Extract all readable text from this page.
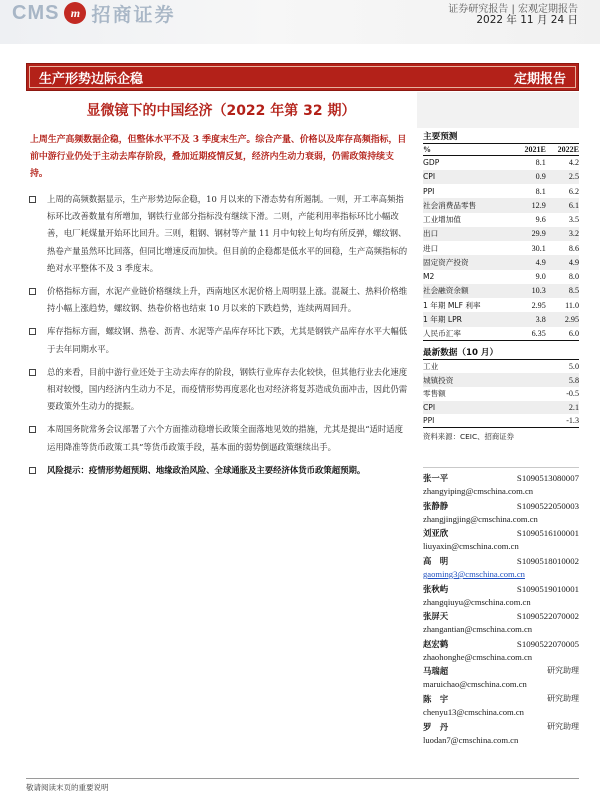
CMS m 招商证券	证券研究报告 | 宏观定期报告
2022 年 11 月 24 日
生产形势边际企稳	定期报告
显微镜下的中国经济（2022 年第 32 期）

上周生产高频数据企稳，但整体水平不及 3 季度末生产。综合产量、价格以及库存高频指标，目前中游行业仍处于主动去库存阶段，叠加近期疫情反复，经济内生动力衰弱，仍需政策持续支持。

上周的高频数据显示，生产形势边际企稳，10 月以来的下滑态势有所遏制。一则，开工率高频指标环比改善数量有所增加，钢铁行业部分指标没有继续下滑。二则，产能利用率指标环比小幅改善，电厂耗煤量开始环比回升。三则，粗钢、钢材等产量 11 月中旬较上旬均有所反弹，螺纹钢、热卷产量虽然环比回落，但同比增速反而加快。但目前的企稳都是低水平的回稳，生产高频指标的绝对水平整体不及 3 季度末。
价格指标方面，水泥产业链价格继续上升，西南地区水泥价格上周明显上涨。混凝土、热料价格维持小幅上涨趋势，螺纹钢、热卷价格也结束 10 月以来的下跌趋势，连续两周回升。
库存指标方面，螺纹钢、热卷、沥青、水泥等产品库存环比下跌，尤其是钢铁产品库存水平大幅低于去年同期水平。
总的来看，目前中游行业还处于主动去库存的阶段，钢铁行业库存去化较快，但其他行业去化速度相对较慢，国内经济内生动力不足，而疫情形势再度恶化也对经济将复苏造成负面冲击，因此仍需要政策外生动力的提振。
本周国务院常务会议部署了六个方面推动稳增长政策全面落地见效的措施，尤其是提出“适时适度运用降准等货币政策工具”等货币政策手段，基本面的弱势倒逼政策继续出手。
风险提示：疫情形势超预期、地缘政治风险、全球通胀及主要经济体货币政策超预期。
主要预测
%	2021E	2022E
GDP	8.1	4.2
CPI	0.9	2.5
PPI	8.1	6.2
社会消费品零售	12.9	6.1
工业增加值	9.6	3.5
出口	29.9	3.2
进口	30.1	8.6
固定资产投资	4.9	4.9
M2	9.0	8.0
社会融资余额	10.3	8.5
1 年期 MLF 利率	2.95	11.0
1 年期 LPR	3.8	2.95
人民币汇率	6.35	6.0
最新数据（10 月）
工业	5.0
城镇投资	5.8
零售额	-0.5
CPI	2.1
PPI	-1.3
资料来源：CEIC、招商证券
张一平	S1090513080007
zhangyiping@cmschina.com.cn
张静静	S1090522050003
zhangjingjing@cmschina.com.cn
刘亚欣	S1090516100001
liuyaxin@cmschina.com.cn
高　明	S1090518010002
gaoming3@cmschina.com.cn
张秋屿	S1090519010001
zhangqiuyu@cmschina.com.cn
张屏天	S1090522070002
zhangantian@cmschina.com.cn
赵宏鹤	S1090522070005
zhaohonghe@cmschina.com.cn
马瑞超	研究助理
maruichao@cmschina.com.cn
陈　宇	研究助理
chenyu13@cmschina.com.cn
罗　丹	研究助理
luodan7@cmschina.com.cn
敬请阅读末页的重要说明
